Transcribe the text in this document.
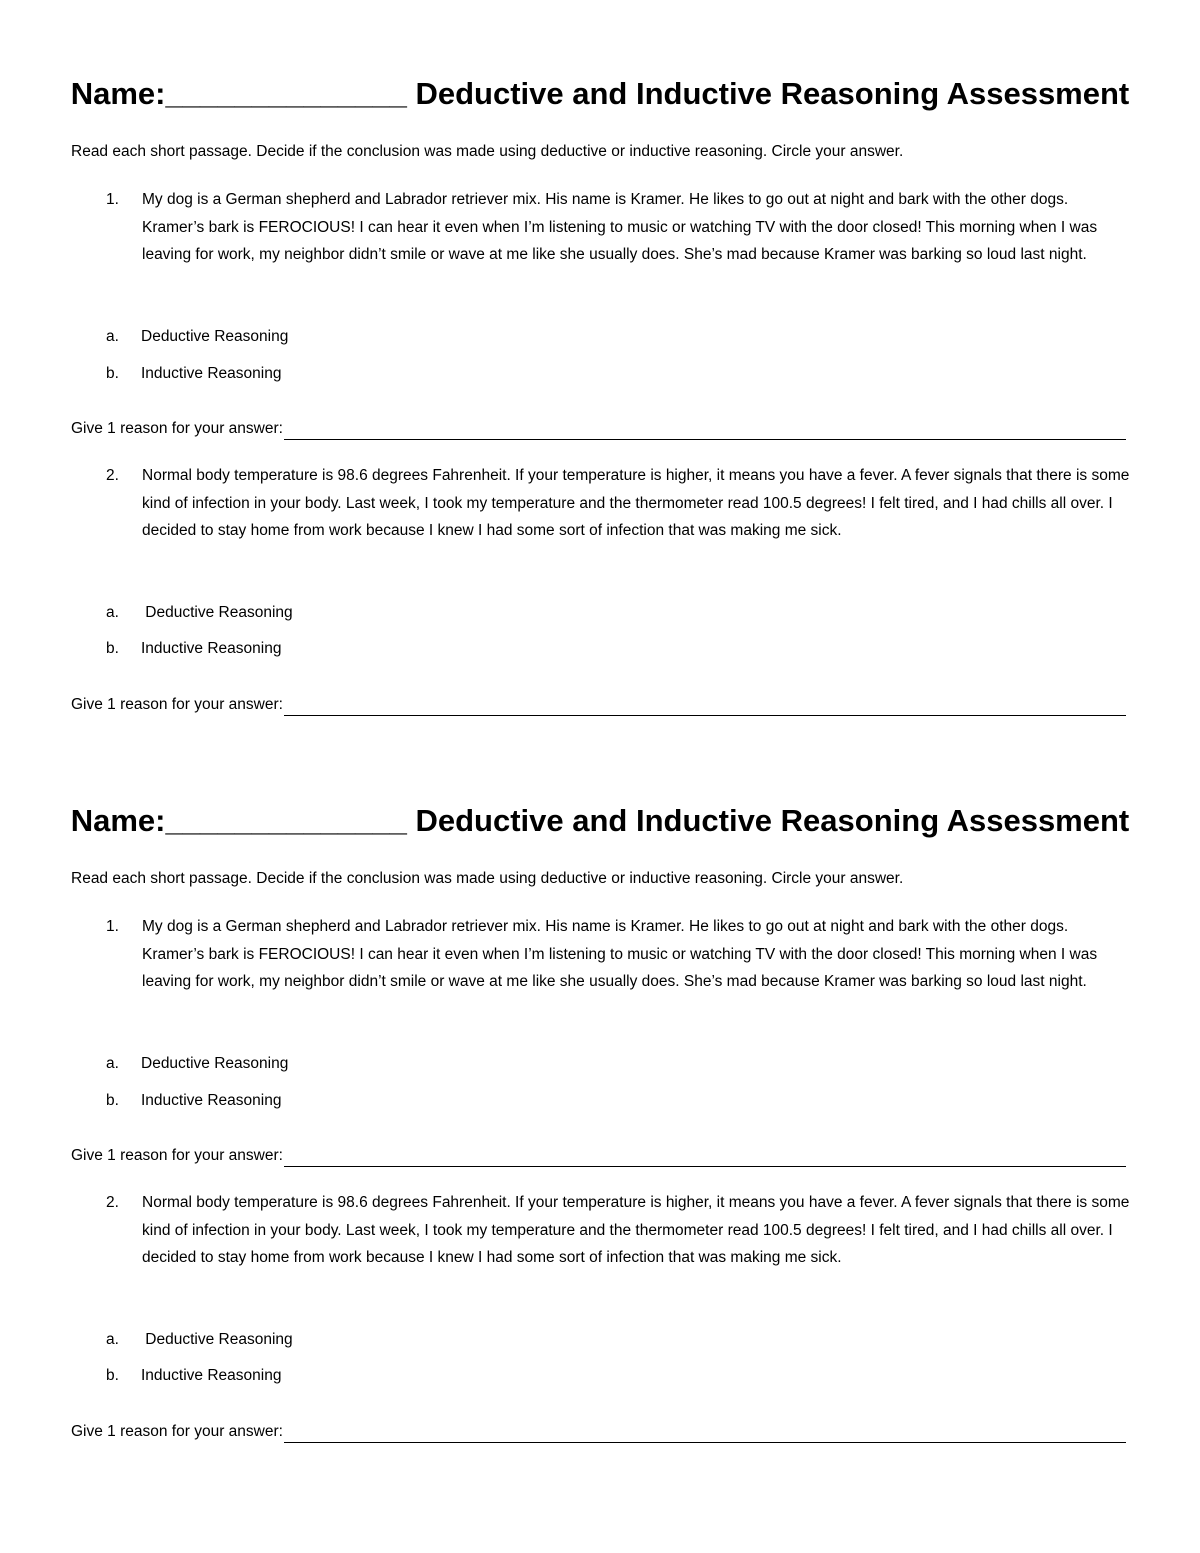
Name:______________ Deductive and Inductive Reasoning Assessment
Read each short passage. Decide if the conclusion was made using deductive or inductive reasoning. Circle your answer.
1. My dog is a German shepherd and Labrador retriever mix. His name is Kramer. He likes to go out at night and bark with the other dogs. Kramer’s bark is FEROCIOUS! I can hear it even when I’m listening to music or watching TV with the door closed! This morning when I was leaving for work, my neighbor didn’t smile or wave at me like she usually does. She’s mad because Kramer was barking so loud last night.
a. Deductive Reasoning
b. Inductive Reasoning
Give 1 reason for your answer:
2. Normal body temperature is 98.6 degrees Fahrenheit. If your temperature is higher, it means you have a fever. A fever signals that there is some kind of infection in your body. Last week, I took my temperature and the thermometer read 100.5 degrees! I felt tired, and I had chills all over. I decided to stay home from work because I knew I had some sort of infection that was making me sick.
a. Deductive Reasoning
b. Inductive Reasoning
Give 1 reason for your answer:
Name:______________ Deductive and Inductive Reasoning Assessment
Read each short passage. Decide if the conclusion was made using deductive or inductive reasoning. Circle your answer.
1. My dog is a German shepherd and Labrador retriever mix. His name is Kramer. He likes to go out at night and bark with the other dogs. Kramer’s bark is FEROCIOUS! I can hear it even when I’m listening to music or watching TV with the door closed! This morning when I was leaving for work, my neighbor didn’t smile or wave at me like she usually does. She’s mad because Kramer was barking so loud last night.
a. Deductive Reasoning
b. Inductive Reasoning
Give 1 reason for your answer:
2. Normal body temperature is 98.6 degrees Fahrenheit. If your temperature is higher, it means you have a fever. A fever signals that there is some kind of infection in your body. Last week, I took my temperature and the thermometer read 100.5 degrees! I felt tired, and I had chills all over. I decided to stay home from work because I knew I had some sort of infection that was making me sick.
a. Deductive Reasoning
b. Inductive Reasoning
Give 1 reason for your answer:
